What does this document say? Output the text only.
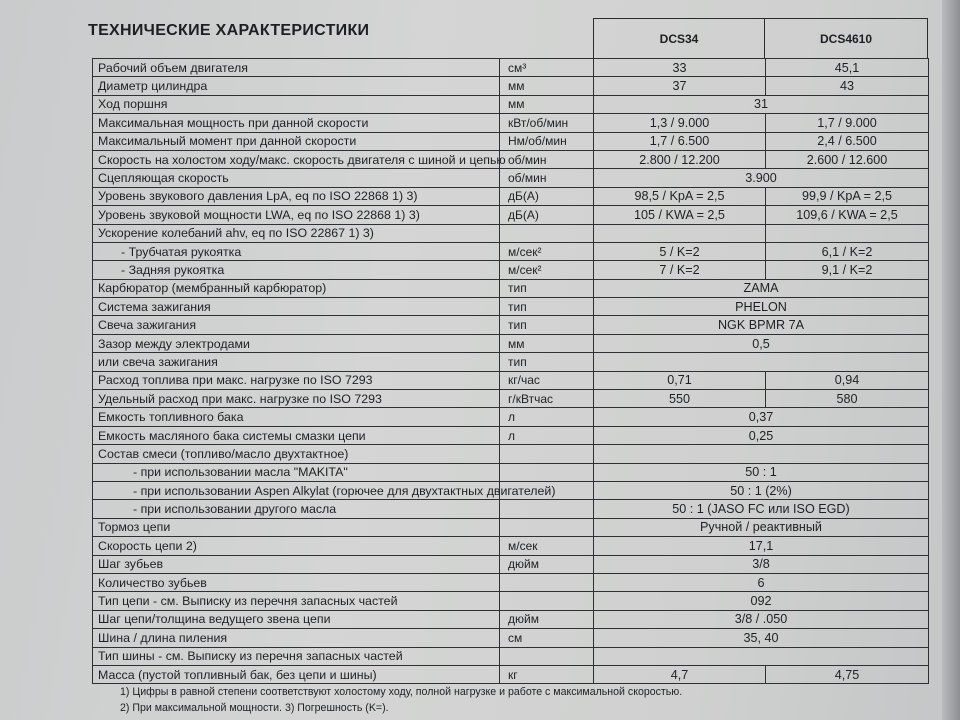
ТЕХНИЧЕСКИЕ ХАРАКТЕРИСТИКИ	DCS34	DCS4610
Рабочий объем двигателя	см³	33	45,1
Диаметр цилиндра	мм	37	43
Ход поршня	мм	31	
Максимальная мощность при данной скорости	кВт/об/мин	1,3 / 9.000	1,7 / 9.000
Максимальный момент при данной скорости	Нм/об/мин	1,7 / 6.500	2,4 / 6.500
Скорость на холостом ходу/макс. скорость двигателя с шиной и цепью	об/мин	2.800 / 12.200	2.600 / 12.600
Сцепляющая скорость	об/мин	3.900	
Уровень звукового давления LpA, eq по ISO 22868 1) 3)	дБ(А)	98,5 / KpA = 2,5	99,9 / KpA = 2,5
Уровень звуковой мощности LWA, eq по ISO 22868 1) 3)	дБ(А)	105 / KWA = 2,5	109,6 / KWA = 2,5
Ускорение колебаний ahv, eq по ISO 22867 1) 3)			
- Трубчатая рукоятка	м/сек²	5 / K=2	6,1 / K=2
- Задняя рукоятка	м/сек²	7 / K=2	9,1 / K=2
Карбюратор (мембранный карбюратор)	тип	ZAMA	
Система зажигания	тип	PHELON	
Свеча зажигания	тип	NGK BPMR 7A	
Зазор между электродами	мм	0,5	
или свеча зажигания	тип		
Расход топлива при макс. нагрузке по ISO 7293	кг/час	0,71	0,94
Удельный расход при макс. нагрузке по ISO 7293	г/кВтчас	550	580
Емкость топливного бака	л	0,37	
Емкость масляного бака системы смазки цепи	л	0,25	
Состав смеси (топливо/масло двухтактное)			
- при использовании масла "MAKITA"		50 : 1	
- при использовании Aspen Alkylat (горючее для двухтактных двигателей)		50 : 1 (2%)	
- при использовании другого масла		50 : 1 (JASO FC или ISO EGD)	
Тормоз цепи		Ручной / реактивный	
Скорость цепи 2)	м/сек	17,1	
Шаг зубьев	дюйм	3/8	
Количество зубьев		6	
Тип цепи - см. Выписку из перечня запасных частей		092	
Шаг цепи/толщина ведущего звена цепи	дюйм	3/8 / .050	
Шина / длина пиления	см	35, 40	
Тип шины - см. Выписку из перечня запасных частей			
Масса (пустой топливный бак, без цепи и шины)	кг	4,7	4,75
1) Цифры в равной степени соответствуют холостому ходу, полной нагрузке и работе с максимальной скоростью.
2) При максимальной мощности. 3) Погрешность (K=).
